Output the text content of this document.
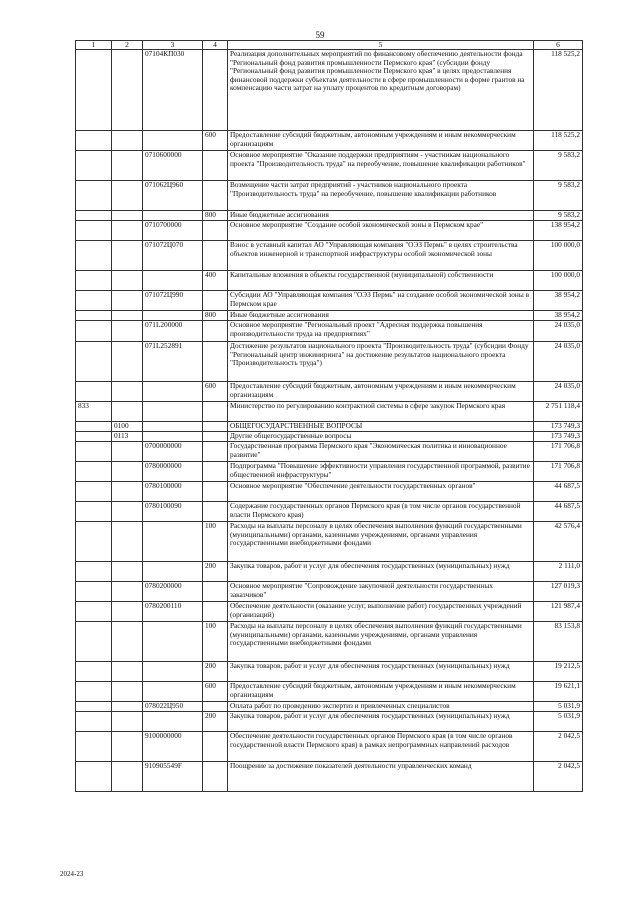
59
1	2	3	4	5	6
		07104КП030		Реализация дополнительных мероприятий по финансовому обеспечению деятельности фонда "Региональный фонд развития промышленности Пермского края" (субсидии фонду "Региональный фонд развития промышленности Пермского края" в целях предоставления финансовой поддержки субъектам деятельности в сфере промышленности в форме грантов на компенсацию части затрат на уплату процентов по кредитным договорам)	118 525,2
			600	Предоставление субсидий бюджетным, автономным учреждениям и иным некоммерческим организациям	118 525,2
		0710600000		Основное мероприятие "Оказание поддержки предприятиям - участникам национального проекта "Производительность труда" на переобучение, повышение квалификации работников"	9 583,2
		071062Ц960		Возмещение части затрат предприятий - участников национального проекта "Производительность труда" на переобучение, повышение квалификации работников	9 583,2
			800	Иные бюджетные ассигнования	9 583,2
		0710700000		Основное мероприятие "Создание особой экономической зоны в Пермском крае"	138 954,2
		071072Ц070		Взнос в уставный капитал АО "Управляющая компания "ОЭЗ Пермь" в целях строительства объектов инженерной и транспортной инфраструктуры особой экономической зоны	100 000,0
			400	Капитальные вложения в объекты государственной (муниципальной) собственности	100 000,0
		071072Ц990		Субсидии АО "Управляющая компания "ОЭЗ Пермь" на создание особой экономической зоны в Пермском крае	38 954,2
			800	Иные бюджетные ассигнования	38 954,2
		071L200000		Основное мероприятие "Региональный проект "Адресная поддержка повышения производительности труда на предприятиях"	24 035,0
		071L252891		Достижение результатов национального проекта "Производительность труда" (субсидии Фонду "Региональный центр инжиниринга" на достижение результатов национального проекта "Производительность труда")	24 035,0
			600	Предоставление субсидий бюджетным, автономным учреждениям и иным некоммерческим организациям	24 035,0
833				Министерство по регулированию контрактной системы в сфере закупок Пермского края	2 751 118,4
	0100			ОБЩЕГОСУДАРСТВЕННЫЕ ВОПРОСЫ	173 749,3
	0113			Другие общегосударственные вопросы	173 749,3
		0700000000		Государственная программа Пермского края "Экономическая политика и инновационное развитие"	171 706,8
		0780000000		Подпрограмма "Повышение эффективности управления государственной программой, развитие общественной инфраструктуры"	171 706,8
		0780100000		Основное мероприятие "Обеспечение деятельности государственных органов"	44 687,5
		0780100090		Содержание государственных органов Пермского края (в том числе органов государственной власти Пермского края)	44 687,5
			100	Расходы на выплаты персоналу в целях обеспечения выполнения функций государственными (муниципальными) органами, казенными учреждениями, органами управления государственными внебюджетными фондами	42 576,4
			200	Закупка товаров, работ и услуг для обеспечения государственных (муниципальных) нужд	2 111,0
		0780200000		Основное мероприятие "Сопровождение закупочной деятельности государственных заказчиков"	127 019,3
		0780200110		Обеспечение деятельности (оказание услуг, выполнение работ) государственных учреждений (организаций)	121 987,4
			100	Расходы на выплаты персоналу в целях обеспечения выполнения функций государственными (муниципальными) органами, казенными учреждениями, органами управления государственными внебюджетными фондами	83 153,8
			200	Закупка товаров, работ и услуг для обеспечения государственных (муниципальных) нужд	19 212,5
			600	Предоставление субсидий бюджетным, автономным учреждениям и иным некоммерческим организациям	19 621,1
		078022Ц950		Оплата работ по проведению экспертиз и привлеченных специалистов	5 031,9
			200	Закупка товаров, работ и услуг для обеспечения государственных (муниципальных) нужд	5 031,9
		9100000000		Обеспечение деятельности государственных органов Пермского края (в том числе органов государственной власти Пермского края) в рамках непрограммных направлений расходов	2 042,5
		910905549F		Поощрение за достижение показателей деятельности управленческих команд	2 042,5
2024-23
